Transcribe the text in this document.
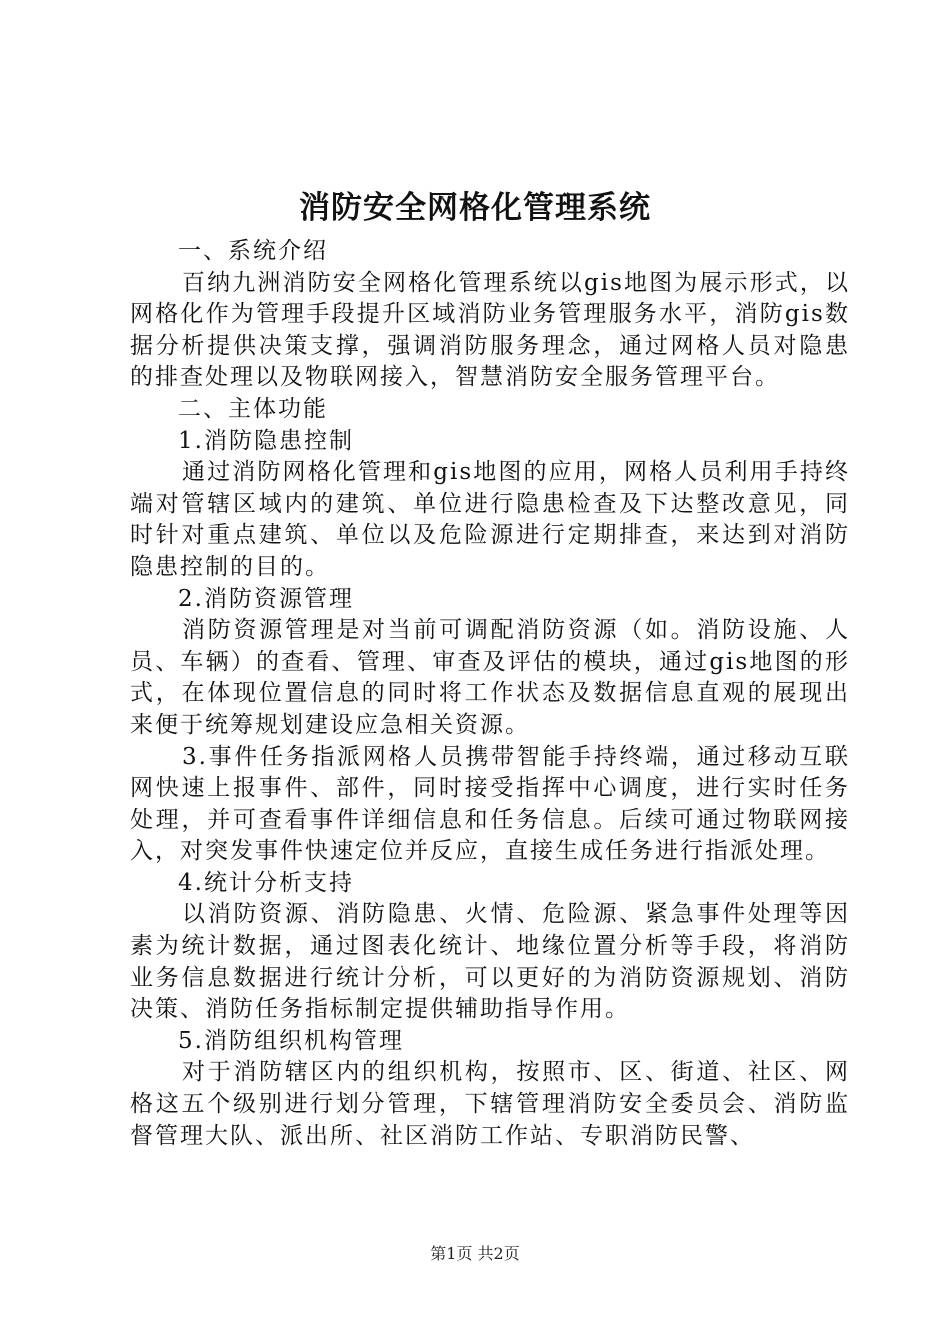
消防安全网格化管理系统

一、系统介绍

百纳九洲消防安全网格化管理系统以gis地图为展示形式，以网格化作为管理手段提升区域消防业务管理服务水平，消防gis数据分析提供决策支撑，强调消防服务理念，通过网格人员对隐患的排查处理以及物联网接入，智慧消防安全服务管理平台。

二、主体功能

1.消防隐患控制

通过消防网格化管理和gis地图的应用，网格人员利用手持终端对管辖区域内的建筑、单位进行隐患检查及下达整改意见，同时针对重点建筑、单位以及危险源进行定期排查，来达到对消防隐患控制的目的。

2.消防资源管理

消防资源管理是对当前可调配消防资源（如。消防设施、人员、车辆）的查看、管理、审查及评估的模块，通过gis地图的形式，在体现位置信息的同时将工作状态及数据信息直观的展现出来便于统筹规划建设应急相关资源。

3.事件任务指派网格人员携带智能手持终端，通过移动互联网快速上报事件、部件，同时接受指挥中心调度，进行实时任务处理，并可查看事件详细信息和任务信息。后续可通过物联网接入，对突发事件快速定位并反应，直接生成任务进行指派处理。

4.统计分析支持

以消防资源、消防隐患、火情、危险源、紧急事件处理等因素为统计数据，通过图表化统计、地缘位置分析等手段，将消防业务信息数据进行统计分析，可以更好的为消防资源规划、消防决策、消防任务指标制定提供辅助指导作用。

5.消防组织机构管理

对于消防辖区内的组织机构，按照市、区、街道、社区、网格这五个级别进行划分管理，下辖管理消防安全委员会、消防监督管理大队、派出所、社区消防工作站、专职消防民警、

第1页 共2页
